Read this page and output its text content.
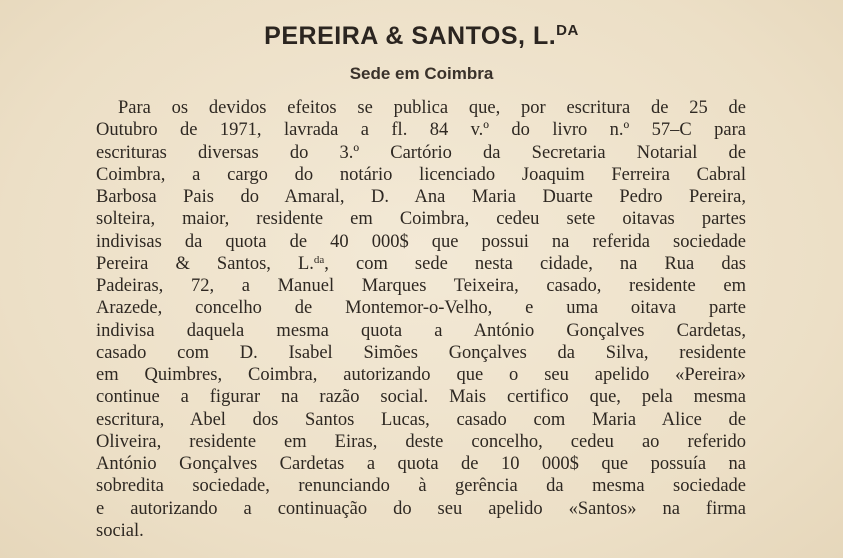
PEREIRA & SANTOS, L.$^{DA}$
Sede em Coimbra
Para os devidos efeitos se publica que, por escritura de 25 de
Outubro de 1971, lavrada a fl. 84 v.º do livro n.º 57–C para
escrituras diversas do 3.º Cartório da Secretaria Notarial de
Coimbra, a cargo do notário licenciado Joaquim Ferreira Cabral
Barbosa Pais do Amaral, D. Ana Maria Duarte Pedro Pereira,
solteira, maior, residente em Coimbra, cedeu sete oitavas partes
indivisas da quota de 40 000$ que possui na referida sociedade
Pereira & Santos, L.$^{da}$, com sede nesta cidade, na Rua das
Padeiras, 72, a Manuel Marques Teixeira, casado, residente em
Arazede, concelho de Montemor-o-Velho, e uma oitava parte
indivisa daquela mesma quota a António Gonçalves Cardetas,
casado com D. Isabel Simões Gonçalves da Silva, residente
em Quimbres, Coimbra, autorizando que o seu apelido «Pereira»
continue a figurar na razão social. Mais certifico que, pela mesma
escritura, Abel dos Santos Lucas, casado com Maria Alice de
Oliveira, residente em Eiras, deste concelho, cedeu ao referido
António Gonçalves Cardetas a quota de 10 000$ que possuía na
sobredita sociedade, renunciando à gerência da mesma sociedade
e autorizando a continuação do seu apelido «Santos» na firma
social.
